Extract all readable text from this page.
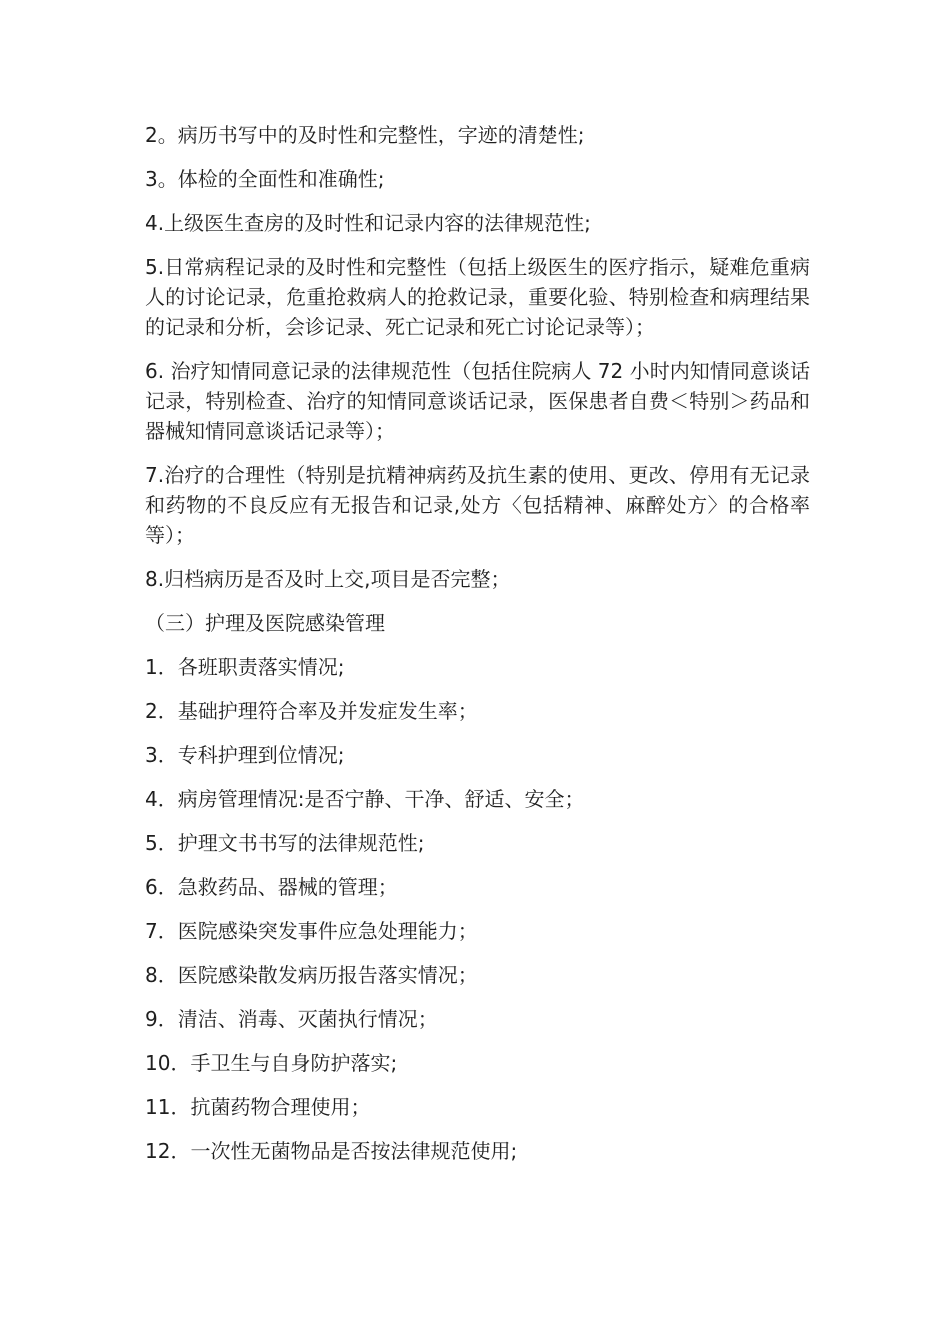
2。病历书写中的及时性和完整性，字迹的清楚性;

3。体检的全面性和准确性;

4.上级医生查房的及时性和记录内容的法律规范性;

5.日常病程记录的及时性和完整性（包括上级医生的医疗指示，疑难危重病人的讨论记录，危重抢救病人的抢救记录，重要化验、特别检查和病理结果的记录和分析，会诊记录、死亡记录和死亡讨论记录等）；

6. 治疗知情同意记录的法律规范性（包括住院病人 72 小时内知情同意谈话记录，特别检查、治疗的知情同意谈话记录，医保患者自费＜特别＞药品和器械知情同意谈话记录等）；

7.治疗的合理性（特别是抗精神病药及抗生素的使用、更改、停用有无记录和药物的不良反应有无报告和记录,处方〈包括精神、麻醉处方〉的合格率等）；

8.归档病历是否及时上交,项目是否完整；

（三）护理及医院感染管理

1．各班职责落实情况;

2．基础护理符合率及并发症发生率；

3．专科护理到位情况;

4．病房管理情况:是否宁静、干净、舒适、安全；

5．护理文书书写的法律规范性;

6．急救药品、器械的管理；

7．医院感染突发事件应急处理能力；

8．医院感染散发病历报告落实情况；

9．清洁、消毒、灭菌执行情况；

10．手卫生与自身防护落实;

11．抗菌药物合理使用；

12．一次性无菌物品是否按法律规范使用;
